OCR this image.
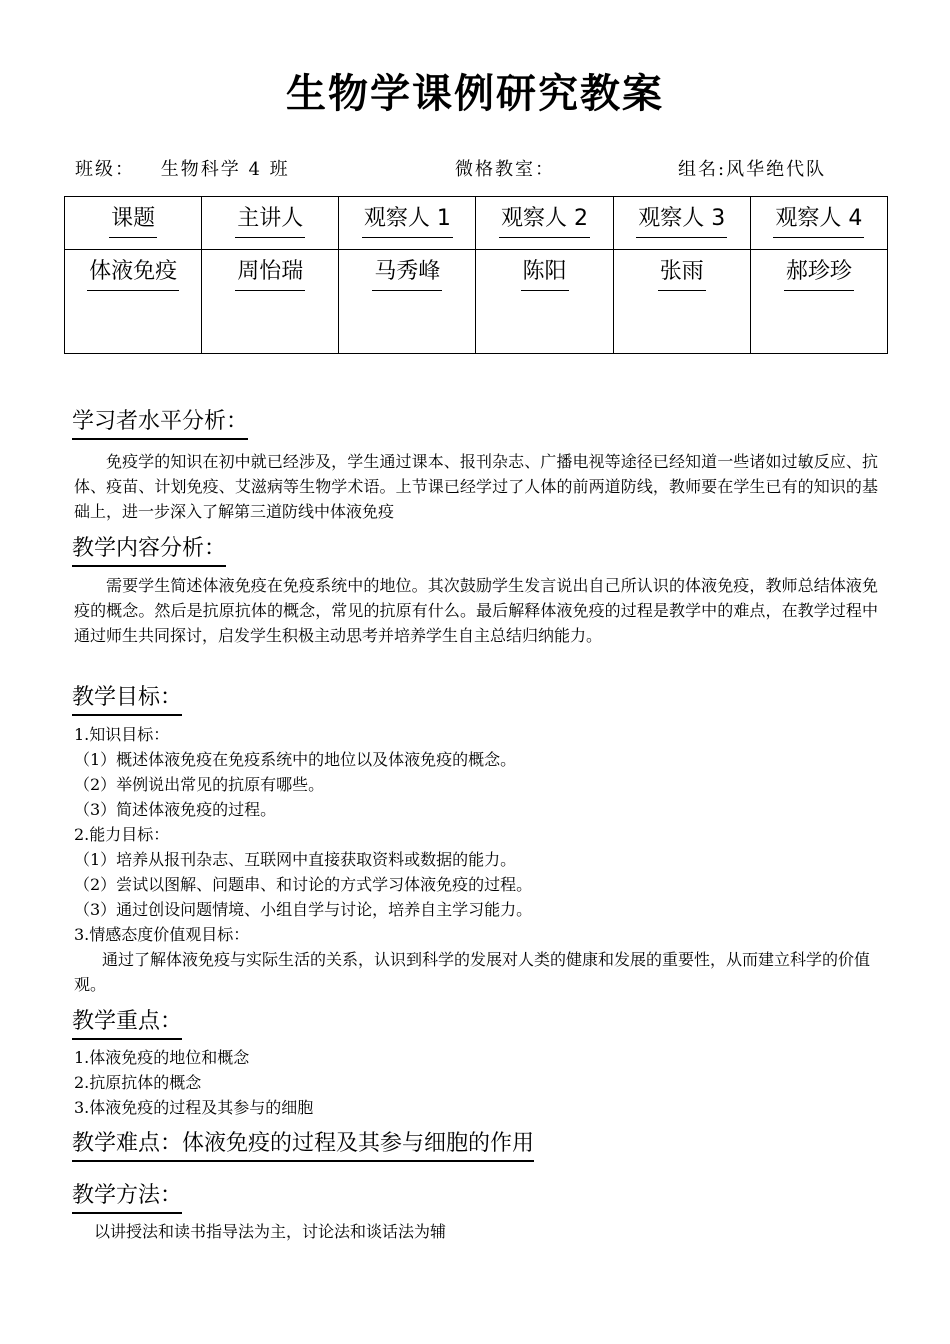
生物学课例研究教案
班级： 生物科学 4 班	微格教室：	组名:风华绝代队
课题	主讲人	观察人 1	观察人 2	观察人 3	观察人 4
体液免疫	周怡瑞	马秀峰	陈阳	张雨	郝珍珍
学习者水平分析：

免疫学的知识在初中就已经涉及，学生通过课本、报刊杂志、广播电视等途径已经知道一些诸如过敏反应、抗体、疫苗、计划免疫、艾滋病等生物学术语。上节课已经学过了人体的前两道防线，教师要在学生已有的知识的基础上，进一步深入了解第三道防线中体液免疫

教学内容分析：

需要学生简述体液免疫在免疫系统中的地位。其次鼓励学生发言说出自己所认识的体液免疫，教师总结体液免疫的概念。然后是抗原抗体的概念，常见的抗原有什么。最后解释体液免疫的过程是教学中的难点，在教学过程中通过师生共同探讨，启发学生积极主动思考并培养学生自主总结归纳能力。

教学目标：
1.知识目标：
（1）概述体液免疫在免疫系统中的地位以及体液免疫的概念。
（2）举例说出常见的抗原有哪些。
（3）简述体液免疫的过程。
2.能力目标：
（1）培养从报刊杂志、互联网中直接获取资料或数据的能力。
（2）尝试以图解、问题串、和讨论的方式学习体液免疫的过程。
（3）通过创设问题情境、小组自学与讨论，培养自主学习能力。
3.情感态度价值观目标：
通过了解体液免疫与实际生活的关系，认识到科学的发展对人类的健康和发展的重要性，从而建立科学的价值观。
教学重点：
1.体液免疫的地位和概念
2.抗原抗体的概念
3.体液免疫的过程及其参与的细胞
教学难点：体液免疫的过程及其参与细胞的作用
教学方法：

以讲授法和读书指导法为主，讨论法和谈话法为辅
